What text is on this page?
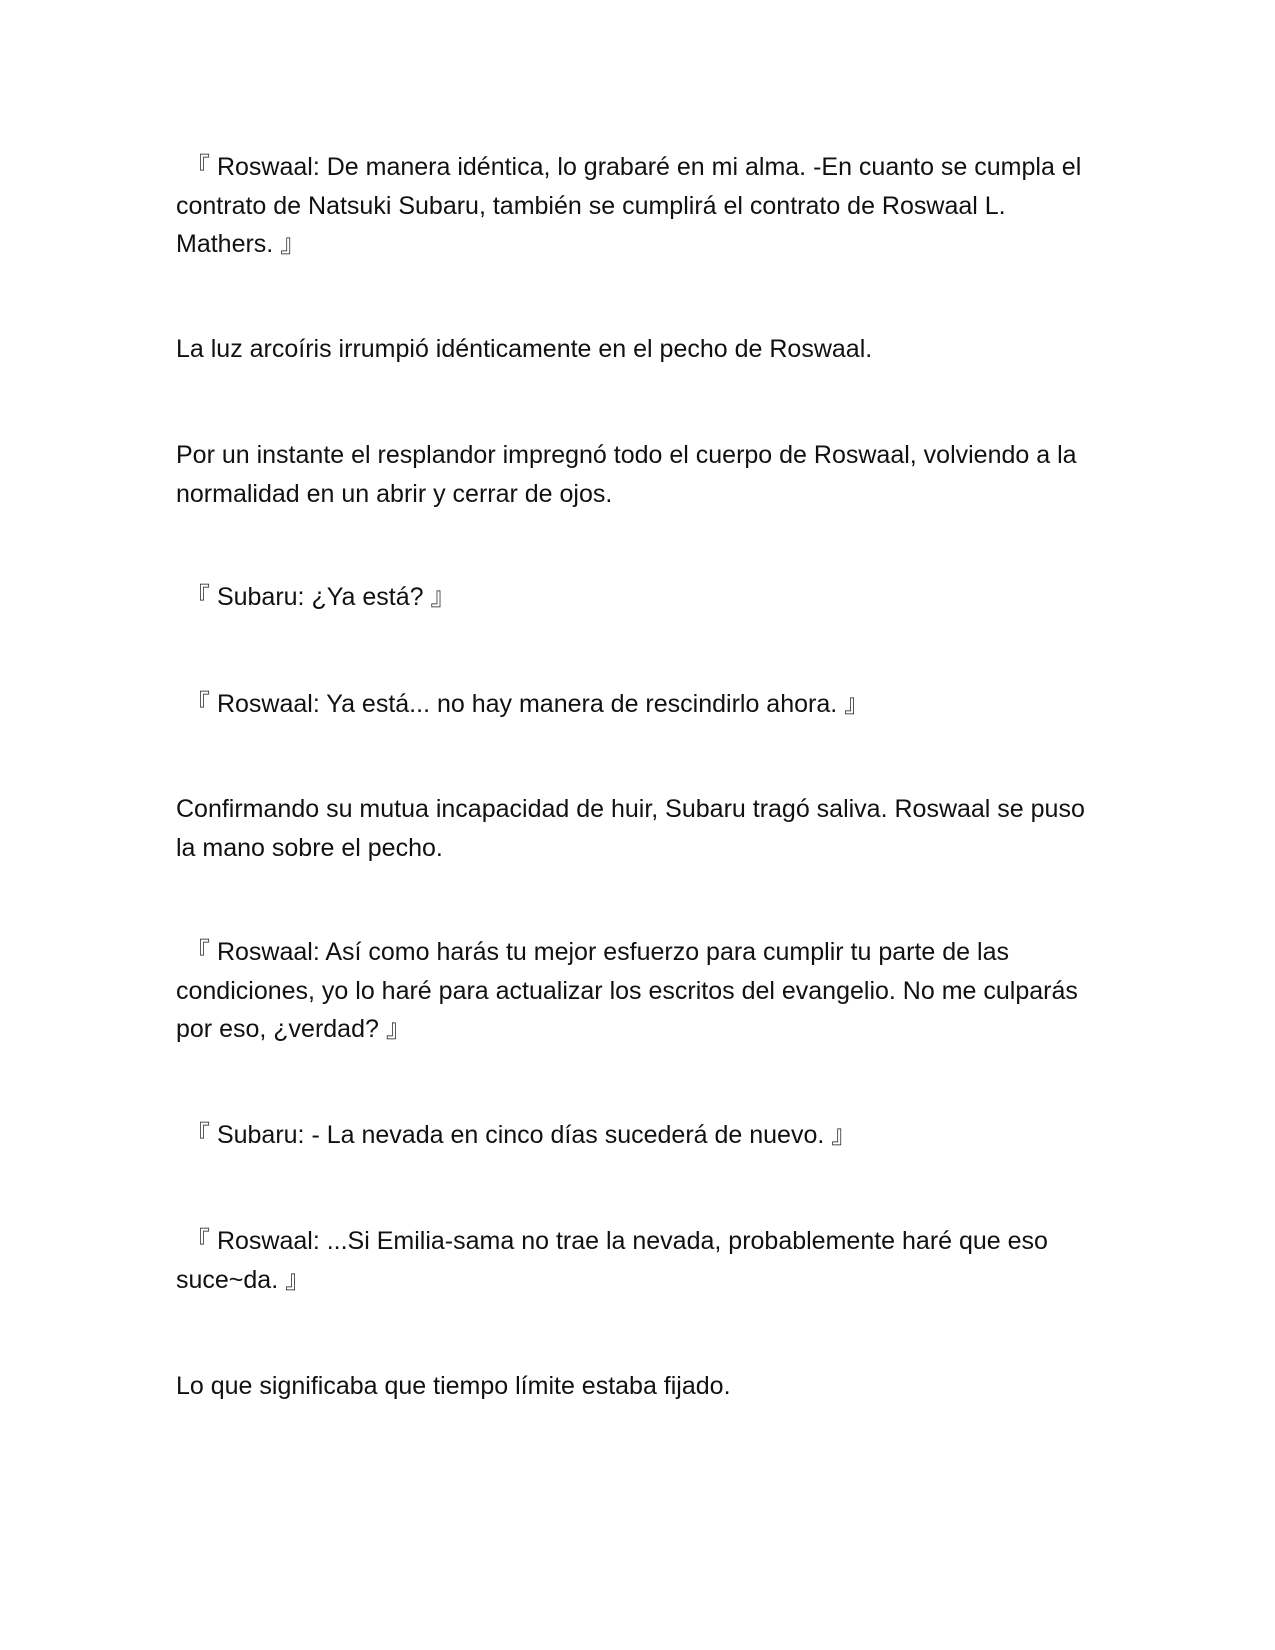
『 Roswaal: De manera idéntica, lo grabaré en mi alma. -En cuanto se cumpla el contrato de Natsuki Subaru, también se cumplirá el contrato de Roswaal L. Mathers. 』

La luz arcoíris irrumpió idénticamente en el pecho de Roswaal.

Por un instante el resplandor impregnó todo el cuerpo de Roswaal, volviendo a la normalidad en un abrir y cerrar de ojos.

『 Subaru: ¿Ya está? 』

『 Roswaal: Ya está... no hay manera de rescindirlo ahora. 』

Confirmando su mutua incapacidad de huir, Subaru tragó saliva. Roswaal se puso la mano sobre el pecho.

『 Roswaal: Así como harás tu mejor esfuerzo para cumplir tu parte de las condiciones, yo lo haré para actualizar los escritos del evangelio. No me culparás por eso, ¿verdad? 』

『 Subaru: - La nevada en cinco días sucederá de nuevo. 』

『 Roswaal: ...Si Emilia-sama no trae la nevada, probablemente haré que eso suce~da. 』

Lo que significaba que tiempo límite estaba fijado.
